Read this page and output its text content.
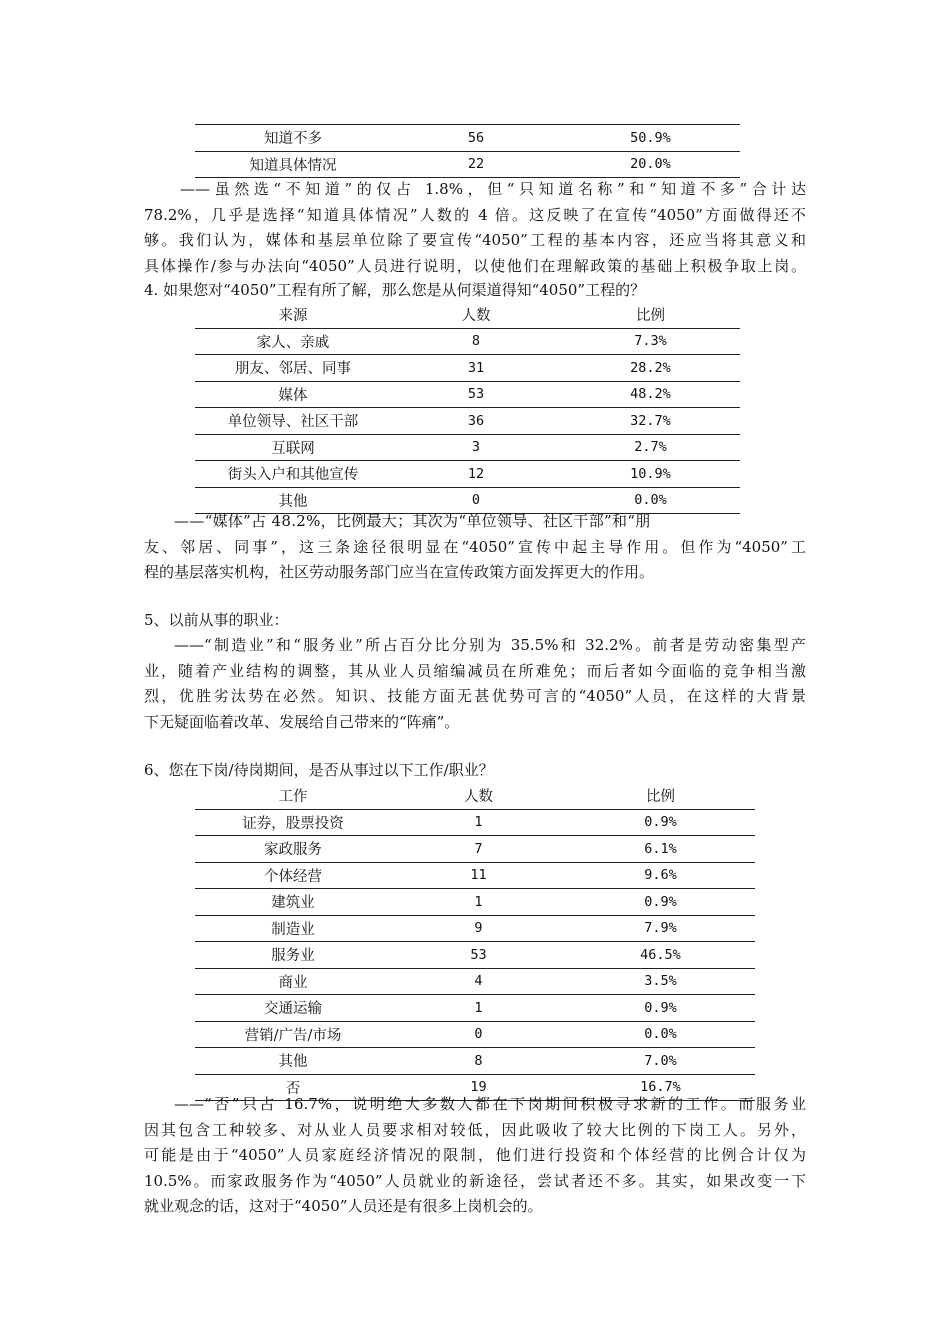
知道不多	56	50.9%
知道具体情况	22	20.0%
——虽然选“不知道”的仅占 1.8%，但“只知道名称”和“知道不多”合计达
78.2%，几乎是选择“知道具体情况”人数的 4 倍。这反映了在宣传“4050”方面做得还不
够。我们认为，媒体和基层单位除了要宣传“4050”工程的基本内容，还应当将其意义和
具体操作/参与办法向“4050”人员进行说明，以使他们在理解政策的基础上积极争取上岗。
4. 如果您对“4050”工程有所了解，那么您是从何渠道得知“4050”工程的？
来源	人数	比例
家人、亲戚	8	7.3%
朋友、邻居、同事	31	28.2%
媒体	53	48.2%
单位领导、社区干部	36	32.7%
互联网	3	2.7%
街头入户和其他宣传	12	10.9%
其他	0	0.0%
——“媒体”占 48.2%，比例最大；其次为“单位领导、社区干部”和“朋
友、邻居、同事”，这三条途径很明显在“4050”宣传中起主导作用。但作为“4050”工
程的基层落实机构，社区劳动服务部门应当在宣传政策方面发挥更大的作用。
5、以前从事的职业：
——“制造业”和“服务业”所占百分比分别为 35.5%和 32.2%。前者是劳动密集型产
业，随着产业结构的调整，其从业人员缩编减员在所难免；而后者如今面临的竞争相当激
烈，优胜劣汰势在必然。知识、技能方面无甚优势可言的“4050”人员，在这样的大背景
下无疑面临着改革、发展给自己带来的“阵痛”。
6、您在下岗/待岗期间，是否从事过以下工作/职业？
工作	人数	比例
证券，股票投资	1	0.9%
家政服务	7	6.1%
个体经营	11	9.6%
建筑业	1	0.9%
制造业	9	7.9%
服务业	53	46.5%
商业	4	3.5%
交通运输	1	0.9%
营销/广告/市场	0	0.0%
其他	8	7.0%
否	19	16.7%
——“否”只占 16.7%，说明绝大多数人都在下岗期间积极寻求新的工作。而服务业
因其包含工种较多、对从业人员要求相对较低，因此吸收了较大比例的下岗工人。另外，
可能是由于“4050”人员家庭经济情况的限制，他们进行投资和个体经营的比例合计仅为
10.5%。而家政服务作为“4050”人员就业的新途径，尝试者还不多。其实，如果改变一下
就业观念的话，这对于“4050”人员还是有很多上岗机会的。
